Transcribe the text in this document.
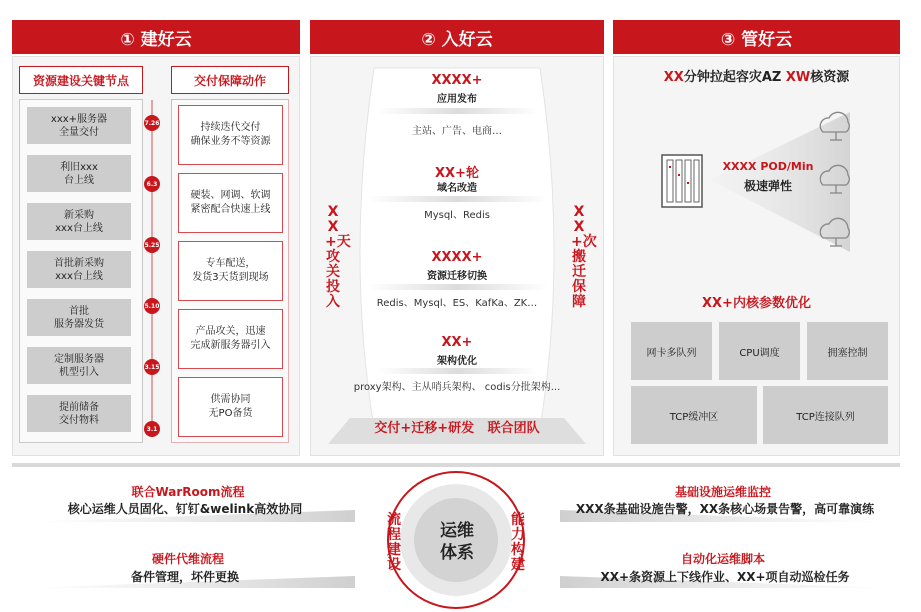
① 建好云	② 入好云	③ 管好云
资源建设关键节点	交付保障动作
xxx+服务器
全量交付
利旧xxx
台上线
新采购
xxx台上线
首批新采购
xxx台上线
首批
服务器发货
定制服务器
机型引入
提前储备
交付物料
持续迭代交付
确保业务不等资源
硬装、网调、软调
紧密配合快速上线
专车配送，
发货3天货到现场
产品攻关，迅速
完成新服务器引入
供需协同
无PO备货
7.26
6.3
5.25
5.10
3.15
3.1
XXXX+
应用发布
主站、广告、电商…
XX+轮
域名改造
Mysql、Redis
XXXX+
资源迁移切换
Redis、Mysql、ES、KafKa、ZK…
XX+
架构优化
proxy架构、主从哨兵架构、 codis分批架构...
XX+天攻关投入
XX+次搬迁保障
交付+迁移+研发   联合团队
XX分钟拉起容灾AZ XW核资源
XXXX POD/Min
极速弹性
XX+内核参数优化
网卡多队列	CPU调度	拥塞控制
TCP缓冲区	TCP连接队列
运维
体系
流程建设
能力构建
联合WarRoom流程
核心运维人员固化、钉钉&welink高效协同
硬件代维流程
备件管理，坏件更换
基础设施运维监控
XXX条基础设施告警，XX条核心场景告警，高可靠演练
自动化运维脚本
XX+条资源上下线作业、XX+项自动巡检任务
